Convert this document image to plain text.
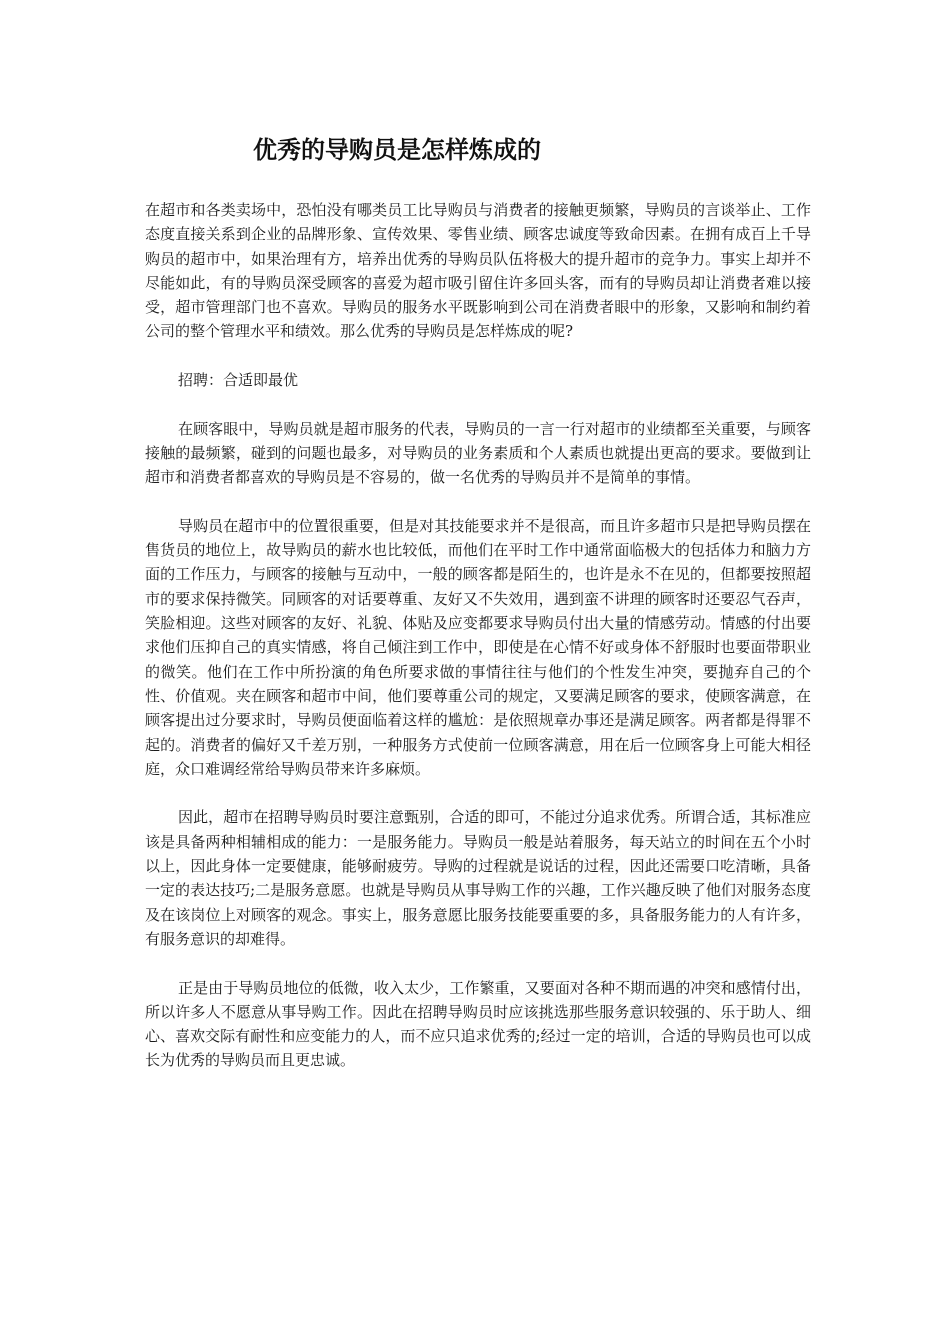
优秀的导购员是怎样炼成的

在超市和各类卖场中，恐怕没有哪类员工比导购员与消费者的接触更频繁，导购员的言谈举止、工作态度直接关系到企业的品牌形象、宣传效果、零售业绩、顾客忠诚度等致命因素。在拥有成百上千导购员的超市中，如果治理有方，培养出优秀的导购员队伍将极大的提升超市的竞争力。事实上却并不尽能如此，有的导购员深受顾客的喜爱为超市吸引留住许多回头客，而有的导购员却让消费者难以接受，超市管理部门也不喜欢。导购员的服务水平既影响到公司在消费者眼中的形象，又影响和制约着公司的整个管理水平和绩效。那么优秀的导购员是怎样炼成的呢?

招聘：合适即最优

在顾客眼中，导购员就是超市服务的代表，导购员的一言一行对超市的业绩都至关重要，与顾客接触的最频繁，碰到的问题也最多，对导购员的业务素质和个人素质也就提出更高的要求。要做到让超市和消费者都喜欢的导购员是不容易的，做一名优秀的导购员并不是简单的事情。

导购员在超市中的位置很重要，但是对其技能要求并不是很高，而且许多超市只是把导购员摆在售货员的地位上，故导购员的薪水也比较低，而他们在平时工作中通常面临极大的包括体力和脑力方面的工作压力，与顾客的接触与互动中，一般的顾客都是陌生的，也许是永不在见的，但都要按照超市的要求保持微笑。同顾客的对话要尊重、友好又不失效用，遇到蛮不讲理的顾客时还要忍气吞声，笑脸相迎。这些对顾客的友好、礼貌、体贴及应变都要求导购员付出大量的情感劳动。情感的付出要求他们压抑自己的真实情感，将自己倾注到工作中，即使是在心情不好或身体不舒服时也要面带职业的微笑。他们在工作中所扮演的角色所要求做的事情往往与他们的个性发生冲突，要抛弃自己的个性、价值观。夹在顾客和超市中间，他们要尊重公司的规定，又要满足顾客的要求，使顾客满意，在顾客提出过分要求时，导购员便面临着这样的尴尬：是依照规章办事还是满足顾客。两者都是得罪不起的。消费者的偏好又千差万别，一种服务方式使前一位顾客满意，用在后一位顾客身上可能大相径庭，众口难调经常给导购员带来许多麻烦。

因此，超市在招聘导购员时要注意甄别，合适的即可，不能过分追求优秀。所谓合适，其标准应该是具备两种相辅相成的能力：一是服务能力。导购员一般是站着服务，每天站立的时间在五个小时以上，因此身体一定要健康，能够耐疲劳。导购的过程就是说话的过程，因此还需要口吃清晰，具备一定的表达技巧;二是服务意愿。也就是导购员从事导购工作的兴趣，工作兴趣反映了他们对服务态度及在该岗位上对顾客的观念。事实上，服务意愿比服务技能要重要的多，具备服务能力的人有许多，有服务意识的却难得。

正是由于导购员地位的低微，收入太少，工作繁重，又要面对各种不期而遇的冲突和感情付出，所以许多人不愿意从事导购工作。因此在招聘导购员时应该挑选那些服务意识较强的、乐于助人、细心、喜欢交际有耐性和应变能力的人，而不应只追求优秀的;经过一定的培训，合适的导购员也可以成长为优秀的导购员而且更忠诚。
